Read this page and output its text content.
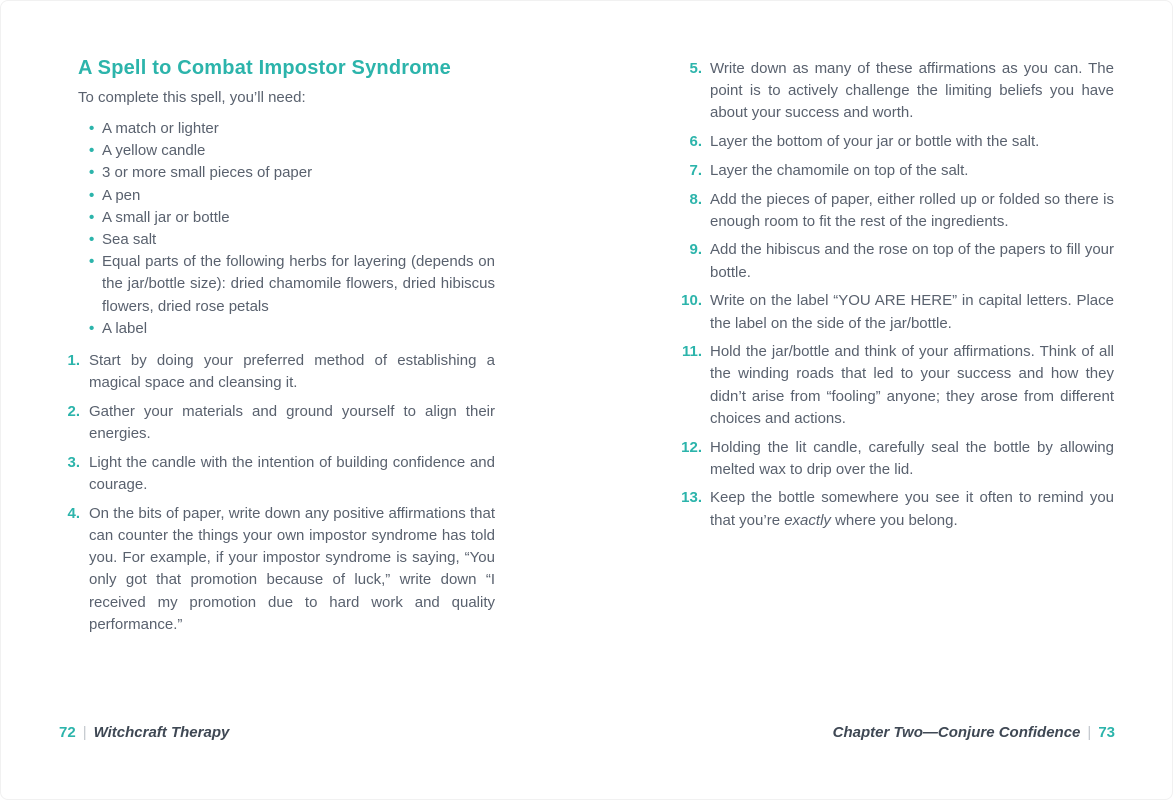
A Spell to Combat Impostor Syndrome

To complete this spell, you’ll need:

• A match or lighter
• A yellow candle
• 3 or more small pieces of paper
• A pen
• A small jar or bottle
• Sea salt
• Equal parts of the following herbs for layering (depends on the jar/bottle size): dried chamomile flowers, dried hibiscus flowers, dried rose petals
• A label
1. Start by doing your preferred method of establishing a magical space and cleansing it.
2. Gather your materials and ground yourself to align their energies.
3. Light the candle with the intention of building confidence and courage.
4. On the bits of paper, write down any positive affirmations that can counter the things your own impostor syndrome has told you. For example, if your impostor syndrome is saying, “You only got that promotion because of luck,” write down “I received my promotion due to hard work and quality performance.”
5. Write down as many of these affirmations as you can. The point is to actively challenge the limiting beliefs you have about your success and worth.
6. Layer the bottom of your jar or bottle with the salt.
7. Layer the chamomile on top of the salt.
8. Add the pieces of paper, either rolled up or folded so there is enough room to fit the rest of the ingredients.
9. Add the hibiscus and the rose on top of the papers to fill your bottle.
10. Write on the label “YOU ARE HERE” in capital letters. Place the label on the side of the jar/bottle.
11. Hold the jar/bottle and think of your affirmations. Think of all the winding roads that led to your success and how they didn’t arise from “fooling” anyone; they arose from different choices and actions.
12. Holding the lit candle, carefully seal the bottle by allowing melted wax to drip over the lid.
13. Keep the bottle somewhere you see it often to remind you that you’re exactly where you belong.
72 | Witchcraft Therapy	Chapter Two—Conjure Confidence | 73
